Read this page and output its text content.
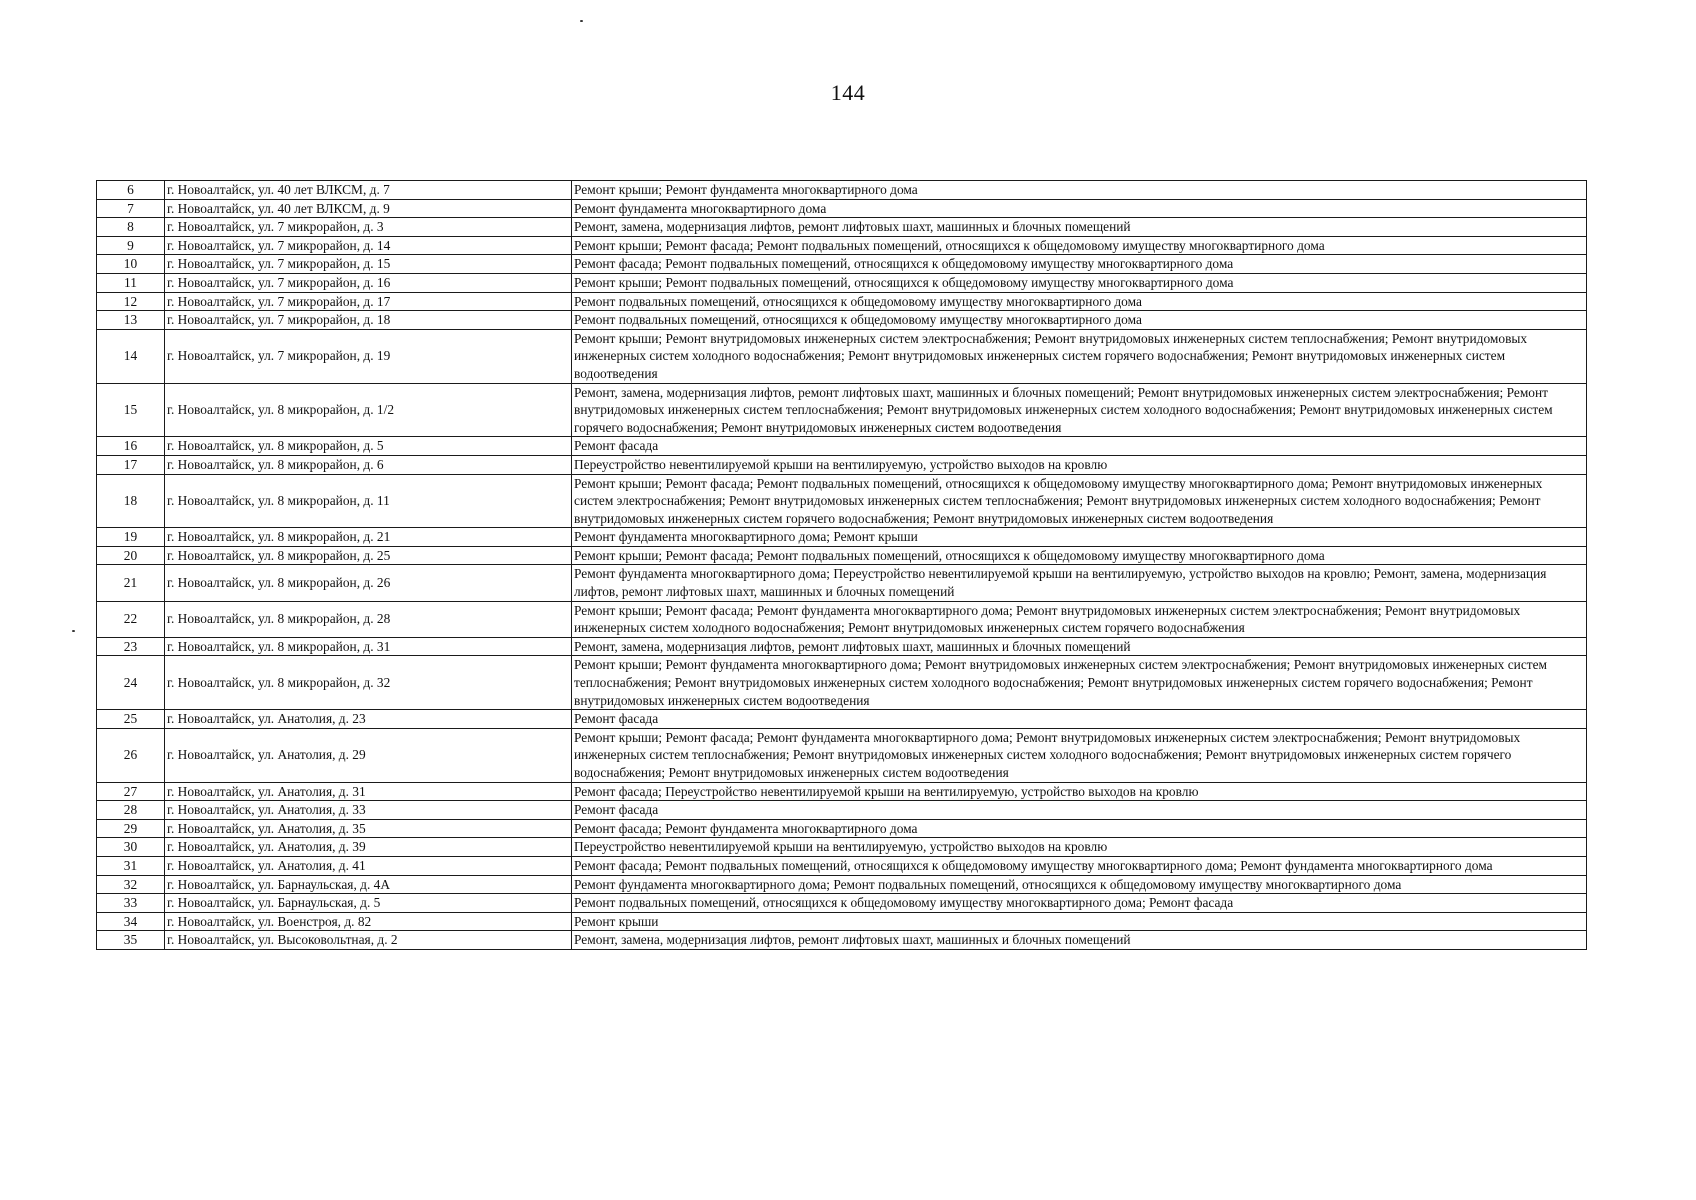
144
6	г. Новоалтайск, ул. 40 лет ВЛКСМ, д. 7	Ремонт крыши; Ремонт фундамента многоквартирного дома
7	г. Новоалтайск, ул. 40 лет ВЛКСМ, д. 9	Ремонт фундамента многоквартирного дома
8	г. Новоалтайск, ул. 7 микрорайон, д. 3	Ремонт, замена, модернизация лифтов, ремонт лифтовых шахт, машинных и блочных помещений
9	г. Новоалтайск, ул. 7 микрорайон, д. 14	Ремонт крыши; Ремонт фасада; Ремонт подвальных помещений, относящихся к общедомовому имуществу многоквартирного дома
10	г. Новоалтайск, ул. 7 микрорайон, д. 15	Ремонт фасада; Ремонт подвальных помещений, относящихся к общедомовому имуществу многоквартирного дома
11	г. Новоалтайск, ул. 7 микрорайон, д. 16	Ремонт крыши; Ремонт подвальных помещений, относящихся к общедомовому имуществу многоквартирного дома
12	г. Новоалтайск, ул. 7 микрорайон, д. 17	Ремонт подвальных помещений, относящихся к общедомовому имуществу многоквартирного дома
13	г. Новоалтайск, ул. 7 микрорайон, д. 18	Ремонт подвальных помещений, относящихся к общедомовому имуществу многоквартирного дома
14	г. Новоалтайск, ул. 7 микрорайон, д. 19	Ремонт крыши; Ремонт внутридомовых инженерных систем электроснабжения; Ремонт внутридомовых инженерных систем теплоснабжения; Ремонт внутридомовых инженерных систем холодного водоснабжения; Ремонт внутридомовых инженерных систем горячего водоснабжения; Ремонт внутридомовых инженерных систем водоотведения
15	г. Новоалтайск, ул. 8 микрорайон, д. 1/2	Ремонт, замена, модернизация лифтов, ремонт лифтовых шахт, машинных и блочных помещений; Ремонт внутридомовых инженерных систем электроснабжения; Ремонт внутридомовых инженерных систем теплоснабжения; Ремонт внутридомовых инженерных систем холодного водоснабжения; Ремонт внутридомовых инженерных систем горячего водоснабжения; Ремонт внутридомовых инженерных систем водоотведения
16	г. Новоалтайск, ул. 8 микрорайон, д. 5	Ремонт фасада
17	г. Новоалтайск, ул. 8 микрорайон, д. 6	Переустройство невентилируемой крыши на вентилируемую, устройство выходов на кровлю
18	г. Новоалтайск, ул. 8 микрорайон, д. 11	Ремонт крыши; Ремонт фасада; Ремонт подвальных помещений, относящихся к общедомовому имуществу многоквартирного дома; Ремонт внутридомовых инженерных систем электроснабжения; Ремонт внутридомовых инженерных систем теплоснабжения; Ремонт внутридомовых инженерных систем холодного водоснабжения; Ремонт внутридомовых инженерных систем горячего водоснабжения; Ремонт внутридомовых инженерных систем водоотведения
19	г. Новоалтайск, ул. 8 микрорайон, д. 21	Ремонт фундамента многоквартирного дома; Ремонт крыши
20	г. Новоалтайск, ул. 8 микрорайон, д. 25	Ремонт крыши; Ремонт фасада; Ремонт подвальных помещений, относящихся к общедомовому имуществу многоквартирного дома
21	г. Новоалтайск, ул. 8 микрорайон, д. 26	Ремонт фундамента многоквартирного дома; Переустройство невентилируемой крыши на вентилируемую, устройство выходов на кровлю; Ремонт, замена, модернизация лифтов, ремонт лифтовых шахт, машинных и блочных помещений
22	г. Новоалтайск, ул. 8 микрорайон, д. 28	Ремонт крыши; Ремонт фасада; Ремонт фундамента многоквартирного дома; Ремонт внутридомовых инженерных систем электроснабжения; Ремонт внутридомовых инженерных систем холодного водоснабжения; Ремонт внутридомовых инженерных систем горячего водоснабжения
23	г. Новоалтайск, ул. 8 микрорайон, д. 31	Ремонт, замена, модернизация лифтов, ремонт лифтовых шахт, машинных и блочных помещений
24	г. Новоалтайск, ул. 8 микрорайон, д. 32	Ремонт крыши; Ремонт фундамента многоквартирного дома; Ремонт внутридомовых инженерных систем электроснабжения; Ремонт внутридомовых инженерных систем теплоснабжения; Ремонт внутридомовых инженерных систем холодного водоснабжения; Ремонт внутридомовых инженерных систем горячего водоснабжения; Ремонт внутридомовых инженерных систем водоотведения
25	г. Новоалтайск, ул. Анатолия, д. 23	Ремонт фасада
26	г. Новоалтайск, ул. Анатолия, д. 29	Ремонт крыши; Ремонт фасада; Ремонт фундамента многоквартирного дома; Ремонт внутридомовых инженерных систем электроснабжения; Ремонт внутридомовых инженерных систем теплоснабжения; Ремонт внутридомовых инженерных систем холодного водоснабжения; Ремонт внутридомовых инженерных систем горячего водоснабжения; Ремонт внутридомовых инженерных систем водоотведения
27	г. Новоалтайск, ул. Анатолия, д. 31	Ремонт фасада; Переустройство невентилируемой крыши на вентилируемую, устройство выходов на кровлю
28	г. Новоалтайск, ул. Анатолия, д. 33	Ремонт фасада
29	г. Новоалтайск, ул. Анатолия, д. 35	Ремонт фасада; Ремонт фундамента многоквартирного дома
30	г. Новоалтайск, ул. Анатолия, д. 39	Переустройство невентилируемой крыши на вентилируемую, устройство выходов на кровлю
31	г. Новоалтайск, ул. Анатолия, д. 41	Ремонт фасада; Ремонт подвальных помещений, относящихся к общедомовому имуществу многоквартирного дома; Ремонт фундамента многоквартирного дома
32	г. Новоалтайск, ул. Барнаульская, д. 4А	Ремонт фундамента многоквартирного дома; Ремонт подвальных помещений, относящихся к общедомовому имуществу многоквартирного дома
33	г. Новоалтайск, ул. Барнаульская, д. 5	Ремонт подвальных помещений, относящихся к общедомовому имуществу многоквартирного дома; Ремонт фасада
34	г. Новоалтайск, ул. Военстроя, д. 82	Ремонт крыши
35	г. Новоалтайск, ул. Высоковольтная, д. 2	Ремонт, замена, модернизация лифтов, ремонт лифтовых шахт, машинных и блочных помещений
